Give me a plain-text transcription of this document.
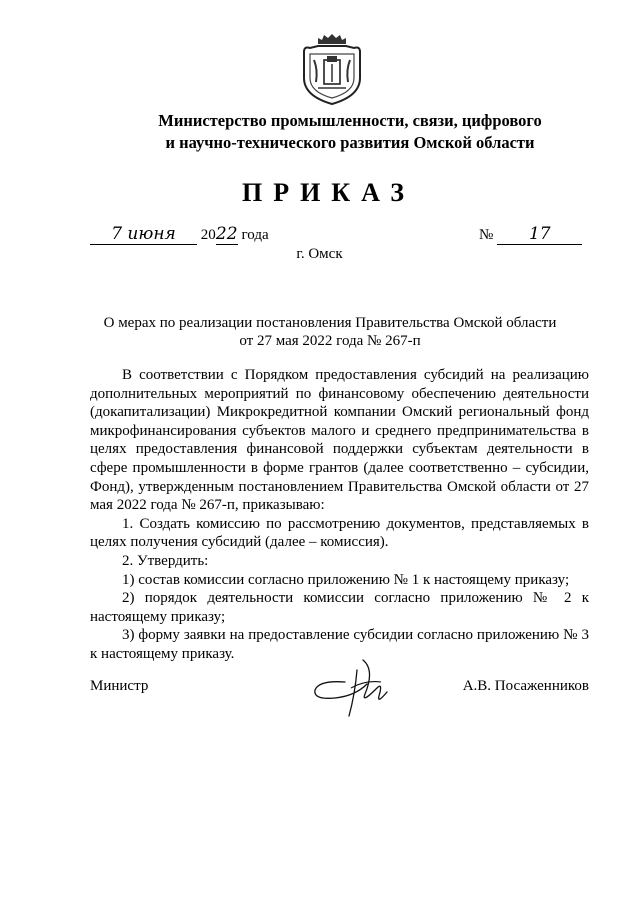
Министерство промышленности, связи, цифрового
и научно-технического развития Омской области
ПРИКАЗ
7 июня 2022 года	№ 17
г. Омск
О мерах по реализации постановления Правительства Омской области
от 27 мая 2022 года № 267-п

В соответствии с Порядком предоставления субсидий на реализацию дополнительных мероприятий по финансовому обеспечению деятельности (докапитализации) Микрокредитной компании Омский региональный фонд микрофинансирования субъектов малого и среднего предпринимательства в целях предоставления финансовой поддержки субъектам деятельности в сфере промышленности в форме грантов (далее соответственно – субсидии, Фонд), утвержденным постановлением Правительства Омской области от 27 мая 2022 года № 267-п, приказываю:

1. Создать комиссию по рассмотрению документов, представляемых в целях получения субсидий (далее – комиссия).

2. Утвердить:

1) состав комиссии согласно приложению № 1 к настоящему приказу;

2) порядок деятельности комиссии согласно приложению № 2 к настоящему приказу;

3) форму заявки на предоставление субсидии согласно приложению № 3 к настоящему приказу.

Министр	А.В. Посаженников
